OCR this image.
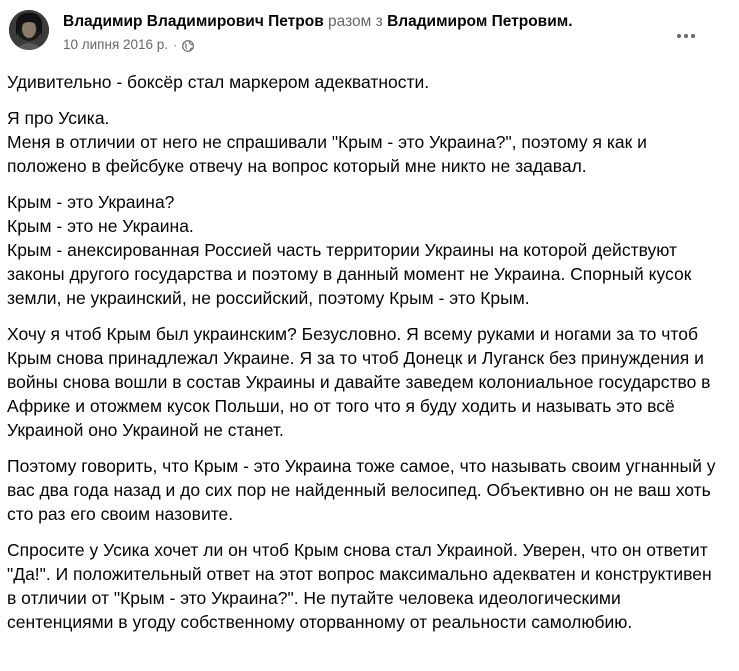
Владимир Владимирович Петров разом з Владимиром Петровим.
10 липня 2016 р. ·

Удивительно - боксёр стал маркером адекватности.

Я про Усика.
Меня в отличии от него не спрашивали "Крым - это Украина?", поэтому я как и положено в фейсбуке отвечу на вопрос который мне никто не задавал.

Крым - это Украина?
Крым - это не Украина.
Крым - анексированная Россией часть территории Украины на которой действуют законы другого государства и поэтому в данный момент не Украина. Спорный кусок земли, не украинский, не российский, поэтому Крым - это Крым.

Хочу я чтоб Крым был украинским? Безусловно. Я всему руками и ногами за то чтоб Крым снова принадлежал Украине. Я за то чтоб Донецк и Луганск без принуждения и войны снова вошли в состав Украины и давайте заведем колониальное государство в Африке и отожмем кусок Польши, но от того что я буду ходить и называть это всё Украиной оно Украиной не станет.

Поэтому говорить, что Крым - это Украина тоже самое, что называть своим угнанный у вас два года назад и до сих пор не найденный велосипед. Объективно он не ваш хоть сто раз его своим назовите.

Спросите у Усика хочет ли он чтоб Крым снова стал Украиной. Уверен, что он ответит "Да!". И положительный ответ на этот вопрос максимально адекватен и конструктивен в отличии от "Крым - это Украина?". Не путайте человека идеологическими сентенциями в угоду собственному оторванному от реальности самолюбию.
